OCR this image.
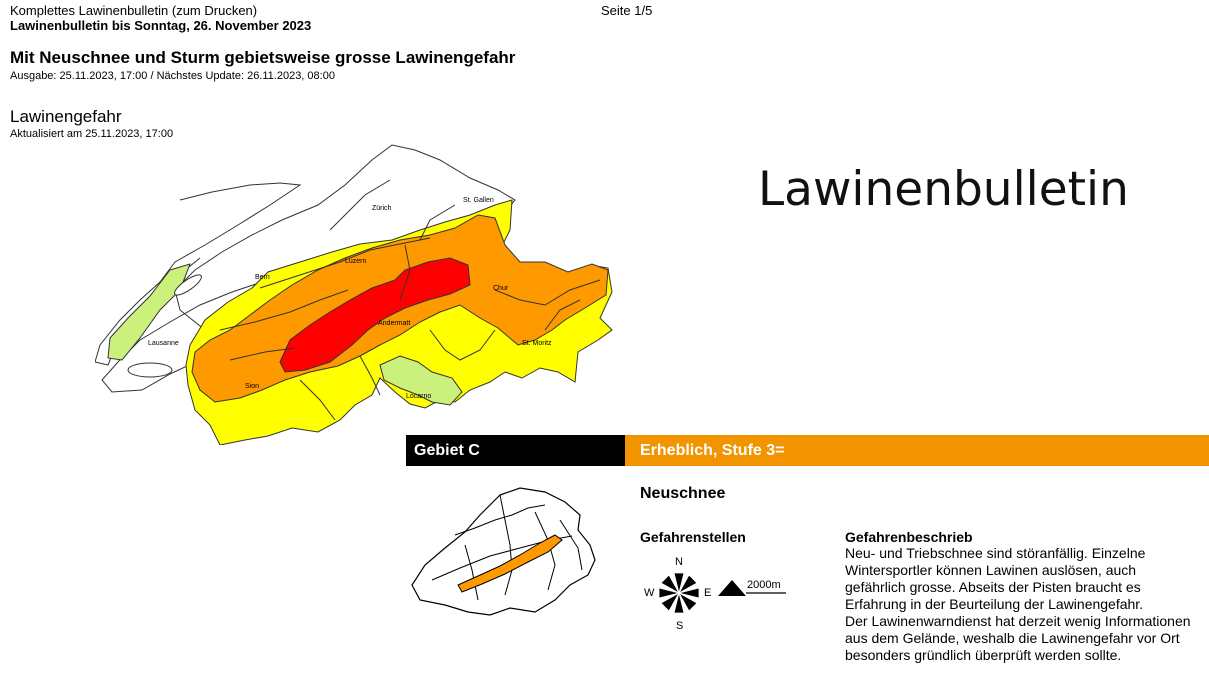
Komplettes Lawinenbulletin (zum Drucken)
Lawinenbulletin bis Sonntag, 26. November 2023
Seite 1/5
Mit Neuschnee und Sturm gebietsweise grosse Lawinengefahr
Ausgabe: 25.11.2023, 17:00 / Nächstes Update: 26.11.2023, 08:00
Lawinengefahr
Aktualisiert am 25.11.2023, 17:00
Lawinenbulletin
Zürich
St. Gallen
Luzern
Bern
Chur
Andermatt
Lausanne	St. Moritz
Sion
Locarno
Gebiet C	Erheblich, Stufe 3=
Neuschnee
Gefahrenstellen	Gefahrenbeschrieb
N
E
S
W
2000m
Neu- und Triebschnee sind störanfällig. Einzelne
Wintersportler können Lawinen auslösen, auch
gefährlich grosse. Abseits der Pisten braucht es
Erfahrung in der Beurteilung der Lawinengefahr.
Der Lawinenwarndienst hat derzeit wenig Informationen
aus dem Gelände, weshalb die Lawinengefahr vor Ort
besonders gründlich überprüft werden sollte.
